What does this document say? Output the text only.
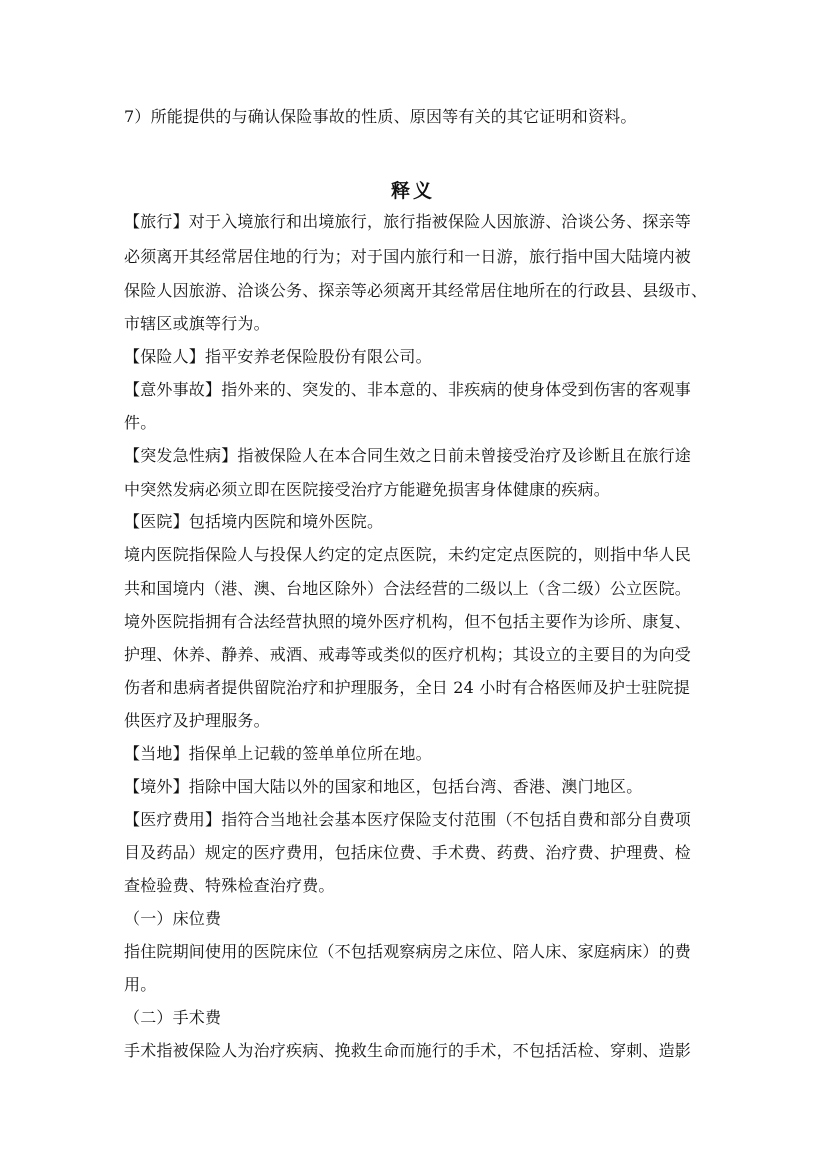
7）所能提供的与确认保险事故的性质、原因等有关的其它证明和资料。
释义
【旅行】对于入境旅行和出境旅行，旅行指被保险人因旅游、洽谈公务、探亲等
必须离开其经常居住地的行为；对于国内旅行和一日游，旅行指中国大陆境内被
保险人因旅游、洽谈公务、探亲等必须离开其经常居住地所在的行政县、县级市、
市辖区或旗等行为。
【保险人】指平安养老保险股份有限公司。
【意外事故】指外来的、突发的、非本意的、非疾病的使身体受到伤害的客观事
件。
【突发急性病】指被保险人在本合同生效之日前未曾接受治疗及诊断且在旅行途
中突然发病必须立即在医院接受治疗方能避免损害身体健康的疾病。
【医院】包括境内医院和境外医院。
境内医院指保险人与投保人约定的定点医院，未约定定点医院的，则指中华人民
共和国境内（港、澳、台地区除外）合法经营的二级以上（含二级）公立医院。
境外医院指拥有合法经营执照的境外医疗机构，但不包括主要作为诊所、康复、
护理、休养、静养、戒酒、戒毒等或类似的医疗机构；其设立的主要目的为向受
伤者和患病者提供留院治疗和护理服务，全日 24 小时有合格医师及护士驻院提
供医疗及护理服务。
【当地】指保单上记载的签单单位所在地。
【境外】指除中国大陆以外的国家和地区，包括台湾、香港、澳门地区。
【医疗费用】指符合当地社会基本医疗保险支付范围（不包括自费和部分自费项
目及药品）规定的医疗费用，包括床位费、手术费、药费、治疗费、护理费、检
查检验费、特殊检查治疗费。
（一）床位费
指住院期间使用的医院床位（不包括观察病房之床位、陪人床、家庭病床）的费
用。
（二）手术费
手术指被保险人为治疗疾病、挽救生命而施行的手术，不包括活检、穿刺、造影
